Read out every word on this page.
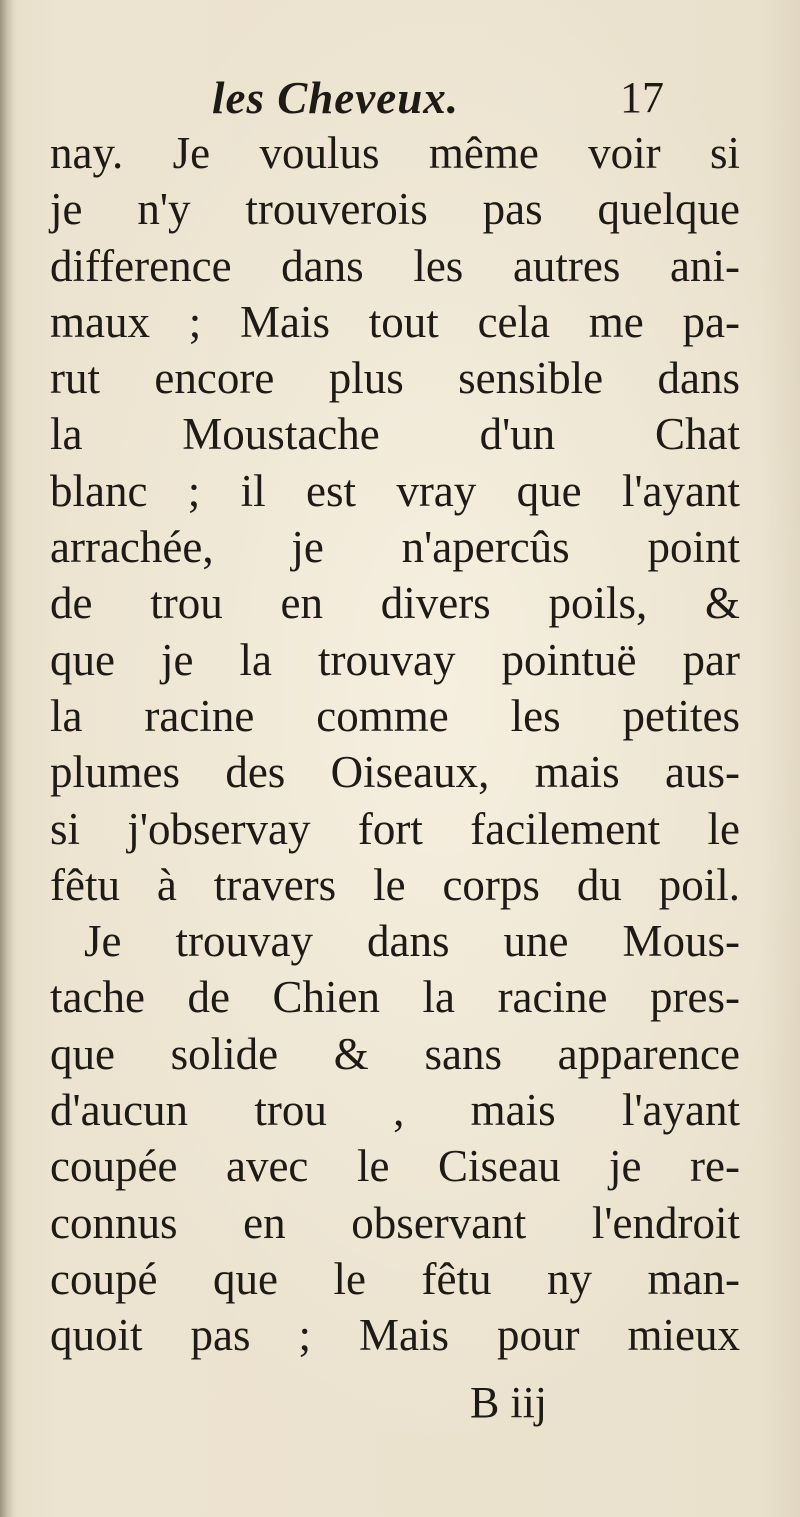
les Cheveux.	17
nay. Je voulus même voir si
je n'y trouverois pas quelque
difference dans les autres ani-
maux ; Mais tout cela me pa-
rut encore plus sensible dans
la Moustache d'un Chat
blanc ; il est vray que l'ayant
arrachée, je n'apercûs point
de trou en divers poils, &
que je la trouvay pointuë par
la racine comme les petites
plumes des Oiseaux, mais aus-
si j'observay fort facilement le
fêtu à travers le corps du poil.
Je trouvay dans une Mous-
tache de Chien la racine pres-
que solide & sans apparence
d'aucun trou , mais l'ayant
coupée avec le Ciseau je re-
connus en observant l'endroit
coupé que le fêtu ny man-
quoit pas ; Mais pour mieux
B iij
